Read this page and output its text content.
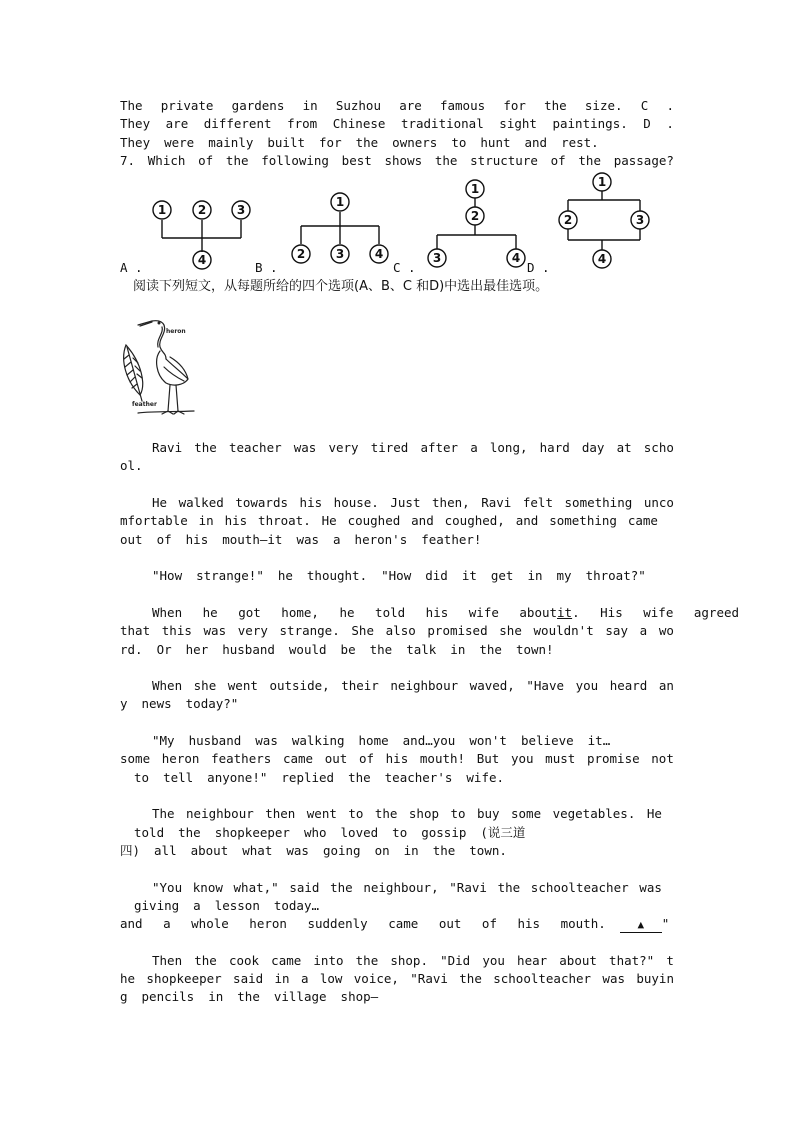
The private gardens in Suzhou are famous for the size. C .
They are different from Chinese traditional sight paintings. D .
They were mainly built for the owners to hunt and rest.
7. Which of the following best shows the structure of the passage?
1	2	3
4
1
2	3	4
1
2
3	4
1
2	3
4
A .	B .	C .	D .
阅读下列短文，从每题所给的四个选项(A、B、C 和D)中选出最佳选项。
heron
feather
Ravi the teacher was very tired after a long, hard day at scho
ol.
He walked towards his house. Just then, Ravi felt something unco
mfortable in his throat. He coughed and coughed, and something came
out of his mouth—it was a heron's feather!
"How strange!" he thought. "How did it get in my throat?"
When he got home, he told his wife about it. His wife agreed
that this was very strange. She also promised she wouldn't say a wo
rd. Or her husband would be the talk in the town!
When she went outside, their neighbour waved, "Have you heard an
y news today?"
"My husband was walking home and…you won't believe it…
some heron feathers came out of his mouth! But you must promise not
to tell anyone!" replied the teacher's wife.
The neighbour then went to the shop to buy some vegetables. He
told the shopkeeper who loved to gossip (说三道
四) all about what was going on in the town.
"You know what," said the neighbour, "Ravi the schoolteacher was
giving a lesson today…
and a whole heron suddenly came out of his mouth.	▲ "
Then the cook came into the shop. "Did you hear about that?" t
he shopkeeper said in a low voice, "Ravi the schoolteacher was buyin
g pencils in the village shop—
